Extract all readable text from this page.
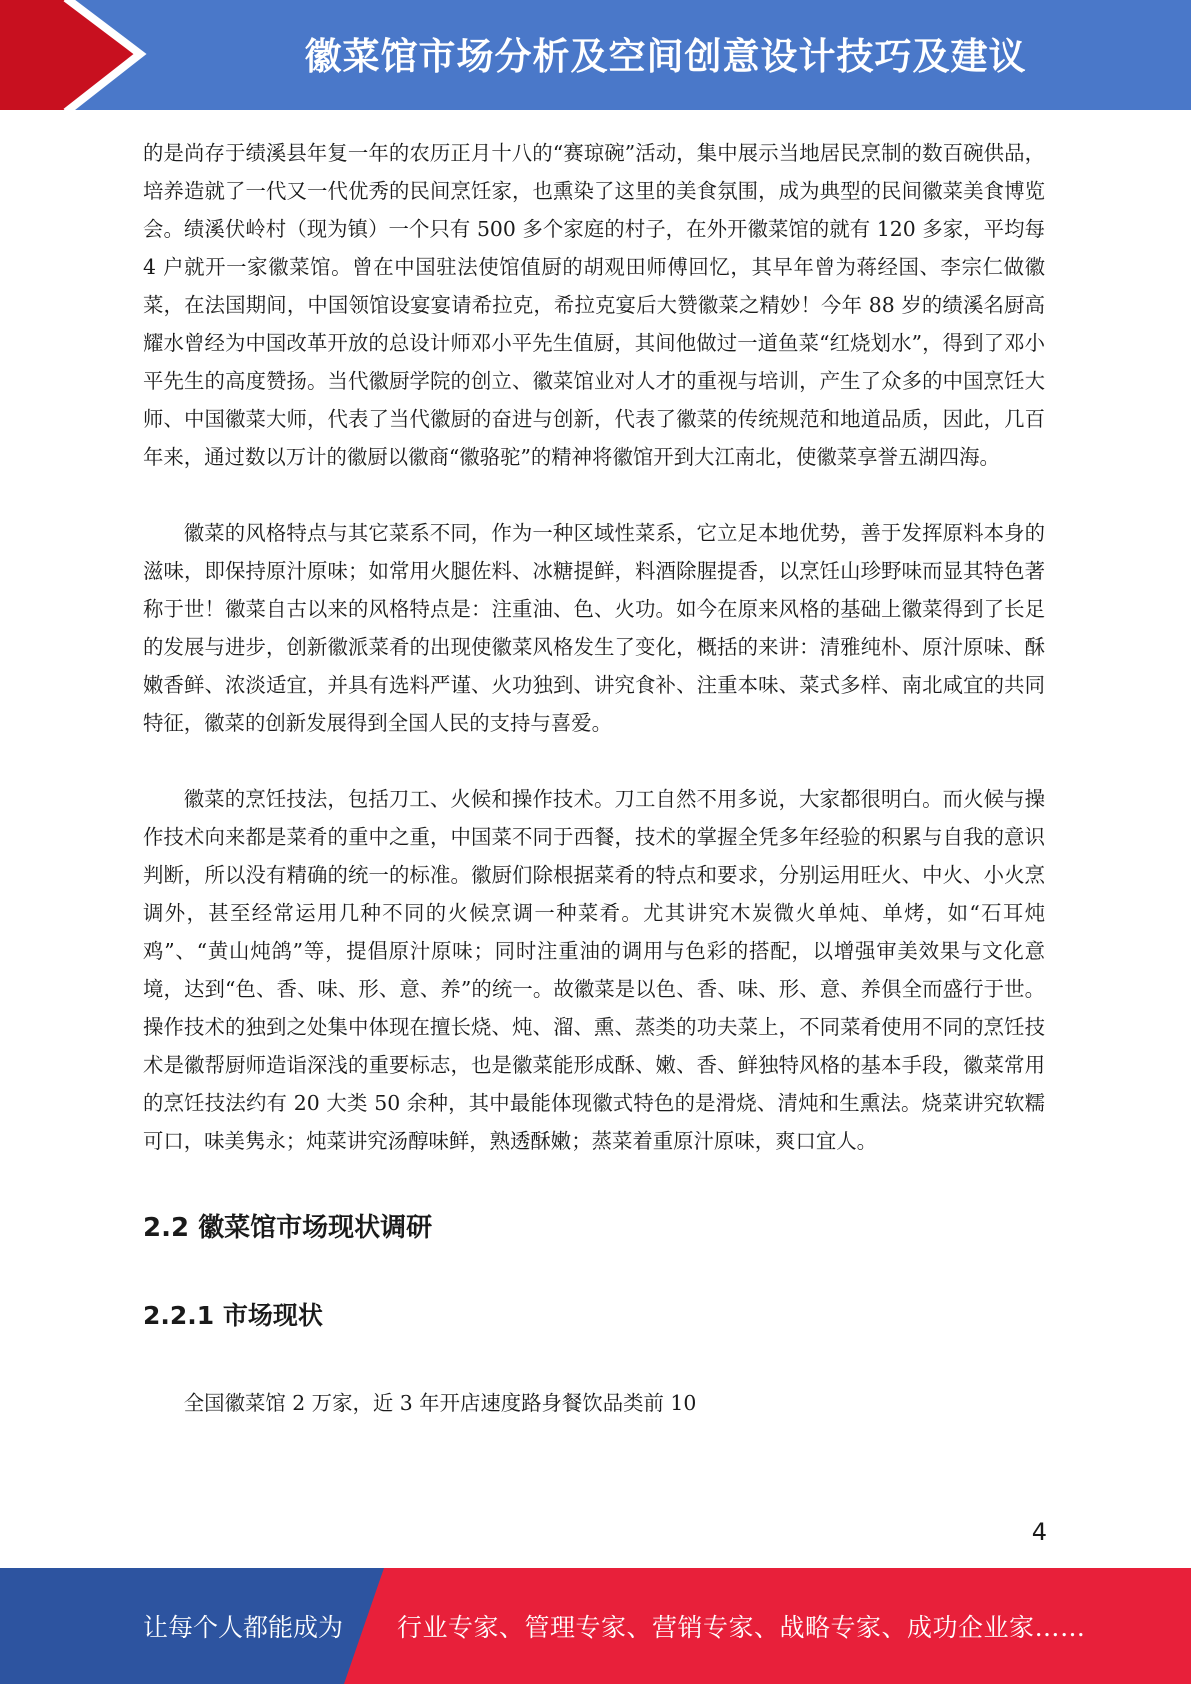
徽菜馆市场分析及空间创意设计技巧及建议

的是尚存于绩溪县年复一年的农历正月十八的“赛琼碗”活动，集中展示当地居民烹制的数百碗供品，培养造就了一代又一代优秀的民间烹饪家，也熏染了这里的美食氛围，成为典型的民间徽菜美食博览会。绩溪伏岭村（现为镇）一个只有 500 多个家庭的村子，在外开徽菜馆的就有 120 多家，平均每 4 户就开一家徽菜馆。曾在中国驻法使馆值厨的胡观田师傅回忆，其早年曾为蒋经国、李宗仁做徽菜，在法国期间，中国领馆设宴宴请希拉克，希拉克宴后大赞徽菜之精妙！今年 88 岁的绩溪名厨高耀水曾经为中国改革开放的总设计师邓小平先生值厨，其间他做过一道鱼菜“红烧划水”，得到了邓小平先生的高度赞扬。当代徽厨学院的创立、徽菜馆业对人才的重视与培训，产生了众多的中国烹饪大师、中国徽菜大师，代表了当代徽厨的奋进与创新，代表了徽菜的传统规范和地道品质，因此，几百年来，通过数以万计的徽厨以徽商“徽骆驼”的精神将徽馆开到大江南北，使徽菜享誉五湖四海。

徽菜的风格特点与其它菜系不同，作为一种区域性菜系，它立足本地优势，善于发挥原料本身的滋味，即保持原汁原味；如常用火腿佐料、冰糖提鲜，料酒除腥提香，以烹饪山珍野味而显其特色著称于世！徽菜自古以来的风格特点是：注重油、色、火功。如今在原来风格的基础上徽菜得到了长足的发展与进步，创新徽派菜肴的出现使徽菜风格发生了变化，概括的来讲：清雅纯朴、原汁原味、酥嫩香鲜、浓淡适宜，并具有选料严谨、火功独到、讲究食补、注重本味、菜式多样、南北咸宜的共同特征，徽菜的创新发展得到全国人民的支持与喜爱。

徽菜的烹饪技法，包括刀工、火候和操作技术。刀工自然不用多说，大家都很明白。而火候与操作技术向来都是菜肴的重中之重，中国菜不同于西餐，技术的掌握全凭多年经验的积累与自我的意识判断，所以没有精确的统一的标准。徽厨们除根据菜肴的特点和要求，分别运用旺火、中火、小火烹调外，甚至经常运用几种不同的火候烹调一种菜肴。尤其讲究木炭微火单炖、单烤，如“石耳炖鸡”、“黄山炖鸽”等，提倡原汁原味；同时注重油的调用与色彩的搭配，以增强审美效果与文化意境，达到“色、香、味、形、意、养”的统一。故徽菜是以色、香、味、形、意、养俱全而盛行于世。操作技术的独到之处集中体现在擅长烧、炖、溜、熏、蒸类的功夫菜上，不同菜肴使用不同的烹饪技术是徽帮厨师造诣深浅的重要标志，也是徽菜能形成酥、嫩、香、鲜独特风格的基本手段，徽菜常用的烹饪技法约有 20 大类 50 余种，其中最能体现徽式特色的是滑烧、清炖和生熏法。烧菜讲究软糯可口，味美隽永；炖菜讲究汤醇味鲜，熟透酥嫩；蒸菜着重原汁原味，爽口宜人。

2.2 徽菜馆市场现状调研
2.2.1 市场现状

全国徽菜馆 2 万家，近 3 年开店速度路身餐饮品类前 10

4
让每个人都能成为 行业专家、管理专家、营销专家、战略专家、成功企业家……
